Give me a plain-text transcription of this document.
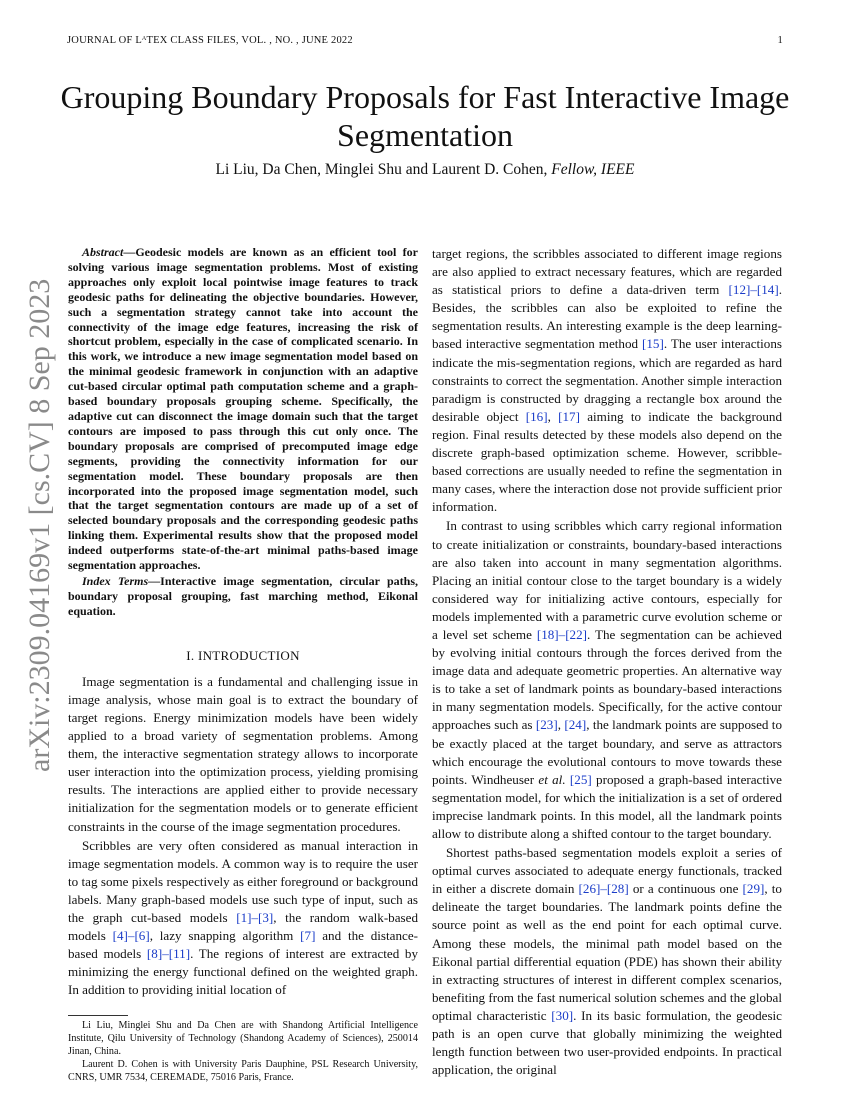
JOURNAL OF LᴬTEX CLASS FILES, VOL. , NO. , JUNE 2022	1
Grouping Boundary Proposals for Fast Interactive Image Segmentation
Li Liu, Da Chen, Minglei Shu and Laurent D. Cohen, Fellow, IEEE
arXiv:2309.04169v1 [cs.CV] 8 Sep 2023

Abstract—Geodesic models are known as an efficient tool for solving various image segmentation problems. Most of existing approaches only exploit local pointwise image features to track geodesic paths for delineating the objective boundaries. However, such a segmentation strategy cannot take into account the connectivity of the image edge features, increasing the risk of shortcut problem, especially in the case of complicated scenario. In this work, we introduce a new image segmentation model based on the minimal geodesic framework in conjunction with an adaptive cut-based circular optimal path computation scheme and a graph-based boundary proposals grouping scheme. Specifically, the adaptive cut can disconnect the image domain such that the target contours are imposed to pass through this cut only once. The boundary proposals are comprised of precomputed image edge segments, providing the connectivity information for our segmentation model. These boundary proposals are then incorporated into the proposed image segmentation model, such that the target segmentation contours are made up of a set of selected boundary proposals and the corresponding geodesic paths linking them. Experimental results show that the proposed model indeed outperforms state-of-the-art minimal paths-based image segmentation approaches.

Index Terms—Interactive image segmentation, circular paths, boundary proposal grouping, fast marching method, Eikonal equation.

I. INTRODUCTION

Image segmentation is a fundamental and challenging issue in image analysis, whose main goal is to extract the boundary of target regions. Energy minimization models have been widely applied to a broad variety of segmentation problems. Among them, the interactive segmentation strategy allows to incorporate user interaction into the optimization process, yielding promising results. The interactions are applied either to provide necessary initialization for the segmentation models or to generate efficient constraints in the course of the image segmentation procedures.

Scribbles are very often considered as manual interaction in image segmentation models. A common way is to require the user to tag some pixels respectively as either foreground or background labels. Many graph-based models use such type of input, such as the graph cut-based models [1]–[3], the random walk-based models [4]–[6], lazy snapping algorithm [7] and the distance-based models [8]–[11]. The regions of interest are extracted by minimizing the energy functional defined on the weighted graph. In addition to providing initial location of

Li Liu, Minglei Shu and Da Chen are with Shandong Artificial Intelligence Institute, Qilu University of Technology (Shandong Academy of Sciences), 250014 Jinan, China.

Laurent D. Cohen is with University Paris Dauphine, PSL Research University, CNRS, UMR 7534, CEREMADE, 75016 Paris, France.

target regions, the scribbles associated to different image regions are also applied to extract necessary features, which are regarded as statistical priors to define a data-driven term [12]–[14]. Besides, the scribbles can also be exploited to refine the segmentation results. An interesting example is the deep learning-based interactive segmentation method [15]. The user interactions indicate the mis-segmentation regions, which are regarded as hard constraints to correct the segmentation. Another simple interaction paradigm is constructed by dragging a rectangle box around the desirable object [16], [17] aiming to indicate the background region. Final results detected by these models also depend on the discrete graph-based optimization scheme. However, scribble-based corrections are usually needed to refine the segmentation in many cases, where the interaction dose not provide sufficient prior information.

In contrast to using scribbles which carry regional information to create initialization or constraints, boundary-based interactions are also taken into account in many segmentation algorithms. Placing an initial contour close to the target boundary is a widely considered way for initializing active contours, especially for models implemented with a parametric curve evolution scheme or a level set scheme [18]–[22]. The segmentation can be achieved by evolving initial contours through the forces derived from the image data and adequate geometric properties. An alternative way is to take a set of landmark points as boundary-based interactions in many segmentation models. Specifically, for the active contour approaches such as [23], [24], the landmark points are supposed to be exactly placed at the target boundary, and serve as attractors which encourage the evolutional contours to move towards these points. Windheuser et al. [25] proposed a graph-based interactive segmentation model, for which the initialization is a set of ordered imprecise landmark points. In this model, all the landmark points allow to distribute along a shifted contour to the target boundary.

Shortest paths-based segmentation models exploit a series of optimal curves associated to adequate energy functionals, tracked in either a discrete domain [26]–[28] or a continuous one [29], to delineate the target boundaries. The landmark points define the source point as well as the end point for each optimal curve. Among these models, the minimal path model based on the Eikonal partial differential equation (PDE) has shown their ability in extracting structures of interest in different complex scenarios, benefiting from the fast numerical solution schemes and the global optimal characteristic [30]. In its basic formulation, the geodesic path is an open curve that globally minimizing the weighted length function between two user-provided endpoints. In practical application, the original
